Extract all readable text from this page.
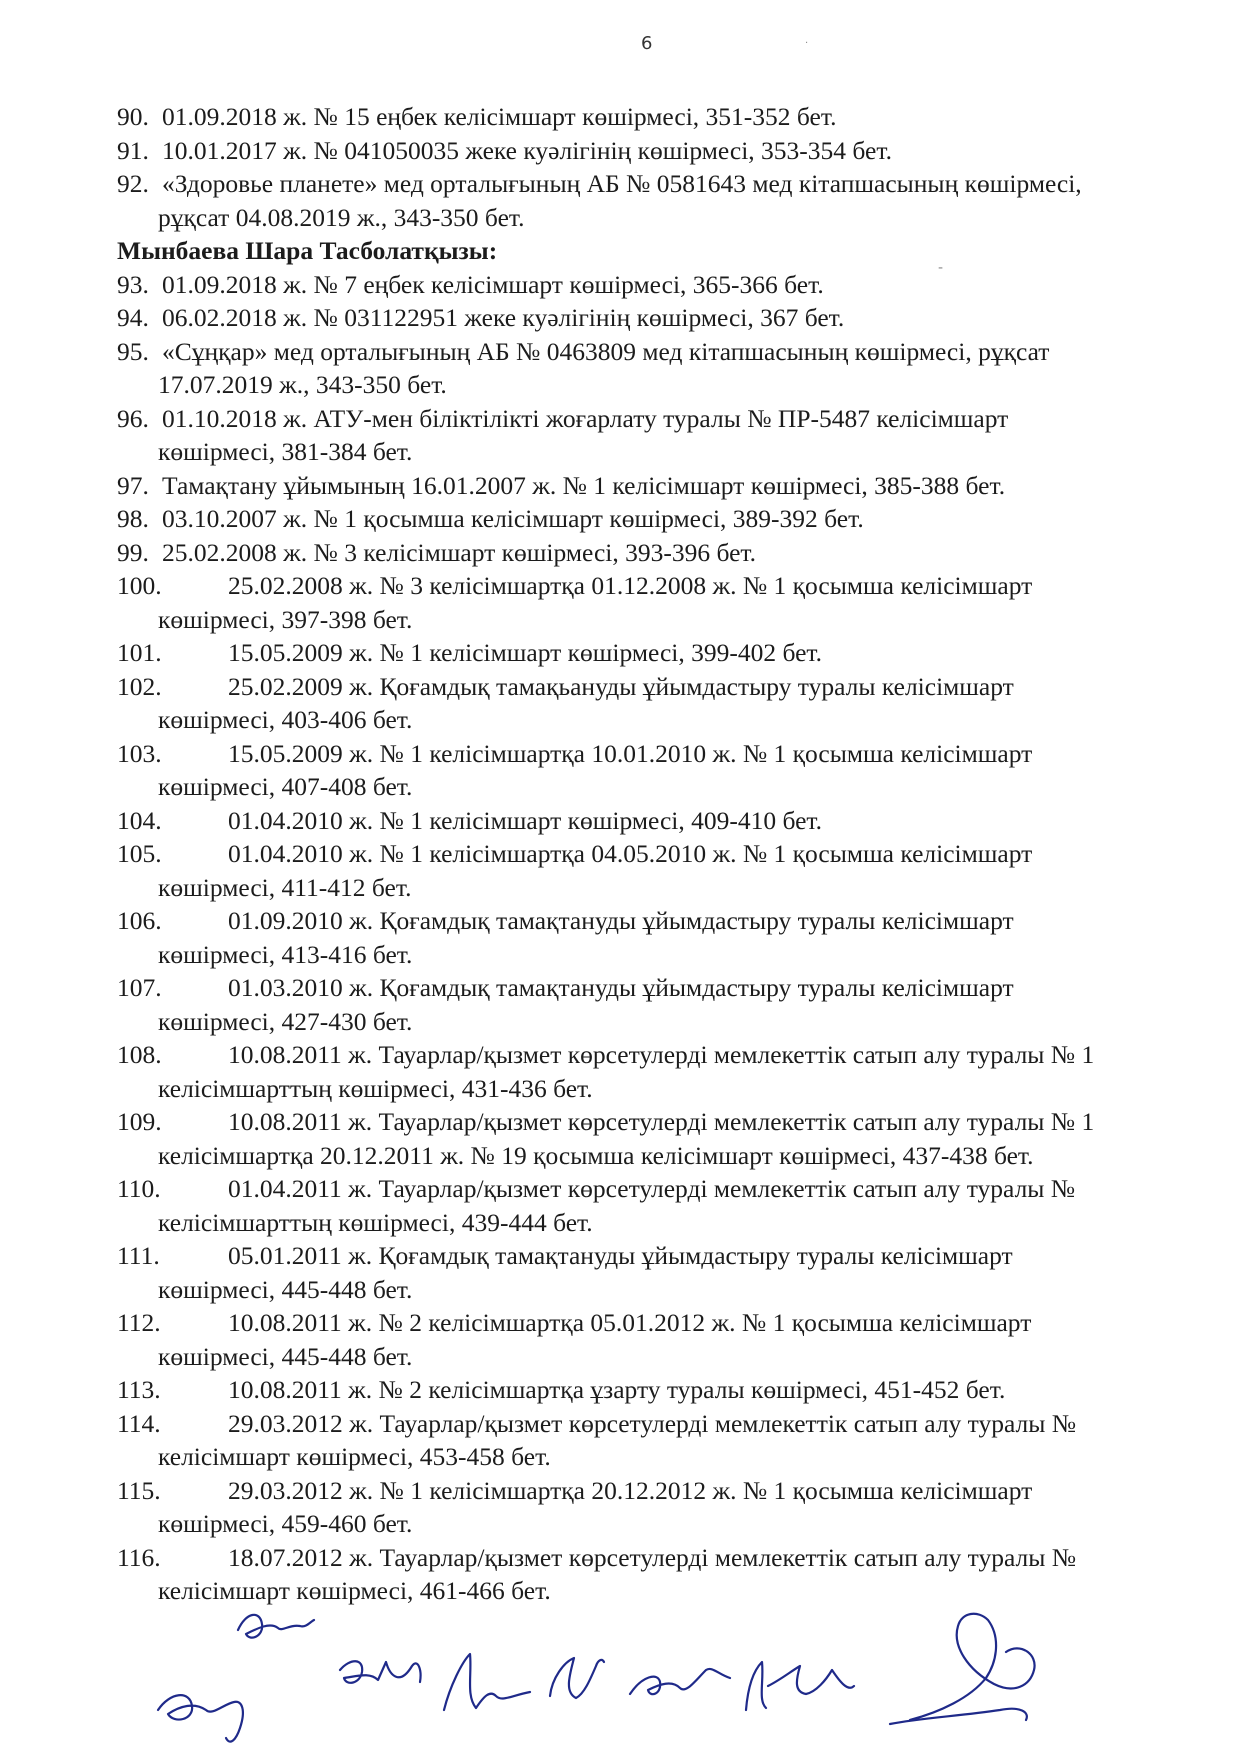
6
90. 01.09.2018 ж. № 15 еңбек келісімшарт көшірмесі, 351-352 бет.
91. 10.01.2017 ж. № 041050035 жеке куәлігінің көшірмесі, 353-354 бет.
92. «Здоровье планете» мед орталығының АБ № 0581643 мед кітапшасының көшірмесі,
рұқсат 04.08.2019 ж., 343-350 бет.
Мынбаева Шара Тасболатқызы:
93. 01.09.2018 ж. № 7 еңбек келісімшарт көшірмесі, 365-366 бет.
94. 06.02.2018 ж. № 031122951 жеке куәлігінің көшірмесі, 367 бет.
95. «Сұңқар» мед орталығының АБ № 0463809 мед кітапшасының көшірмесі, рұқсат
17.07.2019 ж., 343-350 бет.
96. 01.10.2018 ж. АТУ-мен біліктілікті жоғарлату туралы № ПР-5487 келісімшарт
көшірмесі, 381-384 бет.
97. Тамақтану ұйымының 16.01.2007 ж. № 1 келісімшарт көшірмесі, 385-388 бет.
98. 03.10.2007 ж. № 1 қосымша келісімшарт көшірмесі, 389-392 бет.
99. 25.02.2008 ж. № 3 келісімшарт көшірмесі, 393-396 бет.
100.	25.02.2008 ж. № 3 келісімшартқа 01.12.2008 ж. № 1 қосымша келісімшарт
көшірмесі, 397-398 бет.
101.	15.05.2009 ж. № 1 келісімшарт көшірмесі, 399-402 бет.
102.	25.02.2009 ж. Қоғамдық тамақьануды ұйымдастыру туралы келісімшарт
көшірмесі, 403-406 бет.
103.	15.05.2009 ж. № 1 келісімшартқа 10.01.2010 ж. № 1 қосымша келісімшарт
көшірмесі, 407-408 бет.
104.	01.04.2010 ж. № 1 келісімшарт көшірмесі, 409-410 бет.
105.	01.04.2010 ж. № 1 келісімшартқа 04.05.2010 ж. № 1 қосымша келісімшарт
көшірмесі, 411-412 бет.
106.	01.09.2010 ж. Қоғамдық тамақтануды ұйымдастыру туралы келісімшарт
көшірмесі, 413-416 бет.
107.	01.03.2010 ж. Қоғамдық тамақтануды ұйымдастыру туралы келісімшарт
көшірмесі, 427-430 бет.
108.	10.08.2011 ж. Тауарлар/қызмет көрсетулерді мемлекеттік сатып алу туралы № 1
келісімшарттың көшірмесі, 431-436 бет.
109.	10.08.2011 ж. Тауарлар/қызмет көрсетулерді мемлекеттік сатып алу туралы № 1
келісімшартқа 20.12.2011 ж. № 19 қосымша келісімшарт көшірмесі, 437-438 бет.
110.	01.04.2011 ж. Тауарлар/қызмет көрсетулерді мемлекеттік сатып алу туралы №
келісімшарттың көшірмесі, 439-444 бет.
111.	05.01.2011 ж. Қоғамдық тамақтануды ұйымдастыру туралы келісімшарт
көшірмесі, 445-448 бет.
112.	10.08.2011 ж. № 2 келісімшартқа 05.01.2012 ж. № 1 қосымша келісімшарт
көшірмесі, 445-448 бет.
113.	10.08.2011 ж. № 2 келісімшартқа ұзарту туралы көшірмесі, 451-452 бет.
114.	29.03.2012 ж. Тауарлар/қызмет көрсетулерді мемлекеттік сатып алу туралы №
келісімшарт көшірмесі, 453-458 бет.
115.	29.03.2012 ж. № 1 келісімшартқа 20.12.2012 ж. № 1 қосымша келісімшарт
көшірмесі, 459-460 бет.
116.	18.07.2012 ж. Тауарлар/қызмет көрсетулерді мемлекеттік сатып алу туралы №
келісімшарт көшірмесі, 461-466 бет.
·
-
